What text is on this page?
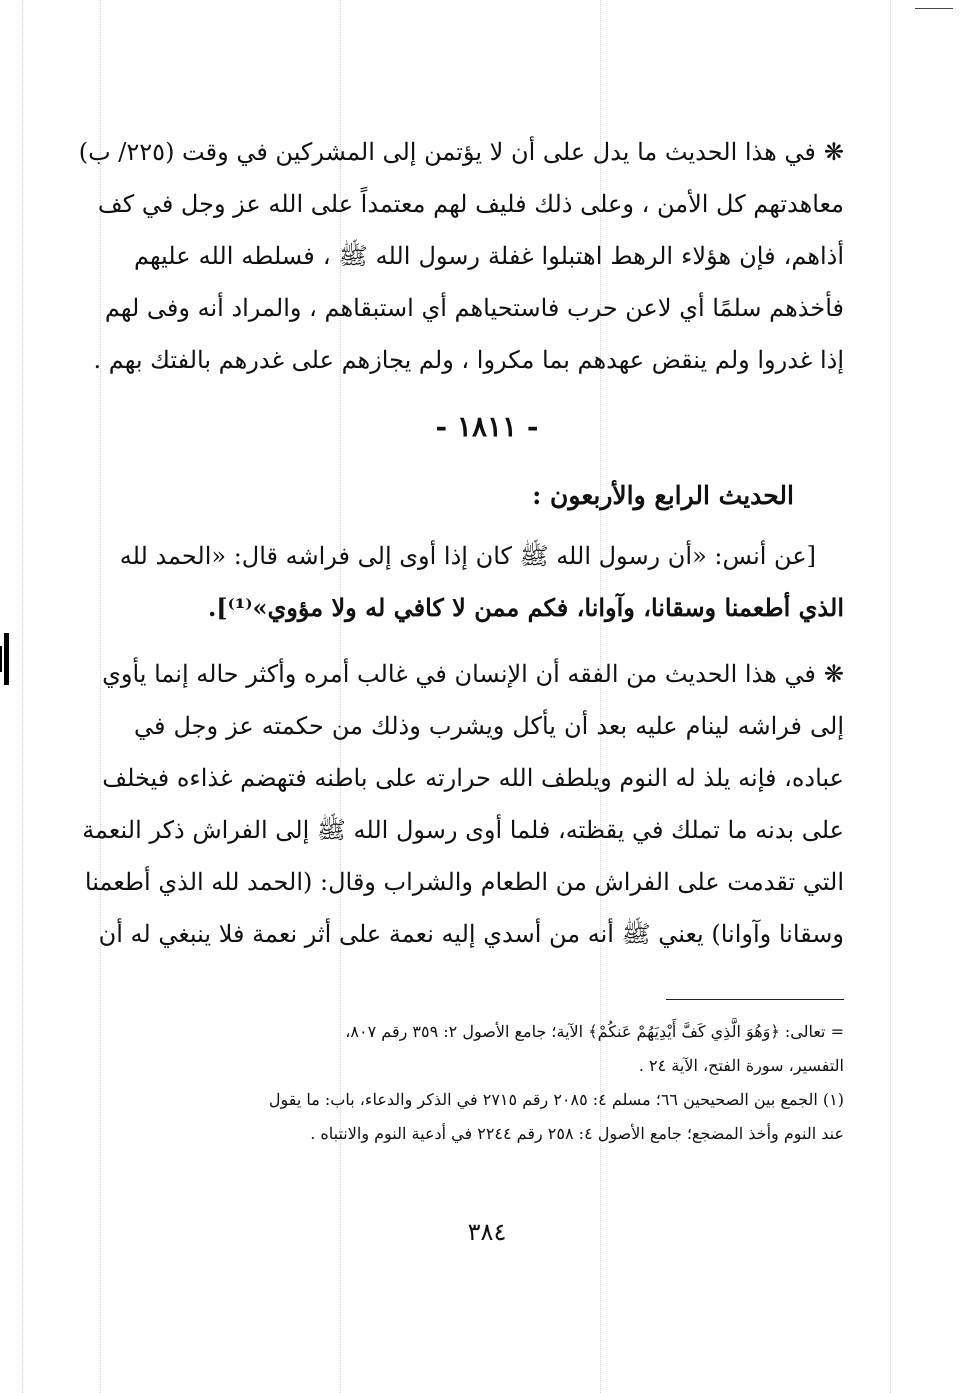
❋في هذا الحديث ما يدل على أن لا يؤتمن إلى المشركين في وقت (٢٢٥/ ب)
معاهدتهم كل الأمن ، وعلى ذلك فليف لهم معتمداً على الله عز وجل في كف
أذاهم، فإن هؤلاء الرهط اهتبلوا غفلة رسول الله ﷺ ، فسلطه الله عليهم
فأخذهم سلمًا أي لاعن حرب فاستحياهم أي استبقاهم ، والمراد أنه وفى لهم
إذا غدروا ولم ينقض عهدهم بما مكروا ، ولم يجازهم على غدرهم بالفتك بهم .
- ١٨١١ -
الحديث الرابع والأربعون :
[عن أنس: «أن رسول الله ﷺ كان إذا أوى إلى فراشه قال: «الحمد لله
الذي أطعمنا وسقانا، وآوانا، فكم ممن لا كافي له ولا مؤوي»⁽¹⁾].
❋في هذا الحديث من الفقه أن الإنسان في غالب أمره وأكثر حاله إنما يأوي
إلى فراشه لينام عليه بعد أن يأكل ويشرب وذلك من حكمته عز وجل في
عباده، فإنه يلذ له النوم ويلطف الله حرارته على باطنه فتهضم غذاءه فيخلف
على بدنه ما تملك في يقظته، فلما أوى رسول الله ﷺ إلى الفراش ذكر النعمة
التي تقدمت على الفراش من الطعام والشراب وقال: (الحمد لله الذي أطعمنا
وسقانا وآوانا) يعني ﷺ أنه من أسدي إليه نعمة على أثر نعمة فلا ينبغي له أن
= تعالى: ﴿وَهُوَ الَّذِي كَفَّ أَيْدِيَهُمْ عَنكُمْ﴾ الآية؛ جامع الأصول ٢: ٣٥٩ رقم ٨٠٧،
التفسير، سورة الفتح، الآية ٢٤ .
(١) الجمع بين الصحيحين ٦٦؛ مسلم ٤: ٢٠٨٥ رقم ٢٧١٥ في الذكر والدعاء، باب: ما يقول
عند النوم وأخذ المضجع؛ جامع الأصول ٤: ٢٥٨ رقم ٢٢٤٤ في أدعية النوم والانتباه .
٣٨٤
